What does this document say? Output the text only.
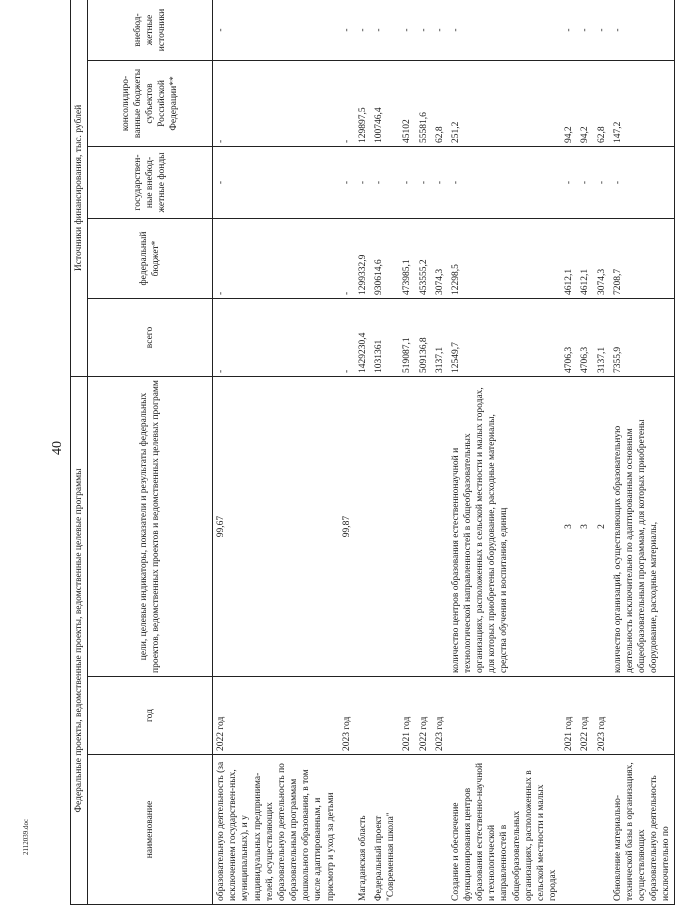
40
2112039.doc
Федеральные проекты, ведомственные проекты, ведомственные целевые программы			Источники финансирования, тыс. рублей				
наименование	год	цели, целевые индикаторы, показатели и результаты федеральных проектов, ведомственных проектов и ведомственных целевых программ	всего	федеральный бюджет*	государствен-ные внебюд-жетные фонды	консолидиро-ванные бюджеты субъектов Российской Федерации**	внебюд-жетные источники
образовательную деятельность (за исключением государствен-ных, муниципальных), и у индивидуальных предпринима-телей, осуществляющих образовательную деятельность по образовательным программам дошкольного образования, в том числе адаптированным, и присмотр и уход за детьми	2022 год	99,67	-	-	-	-	-
	2023 год	99,87	-	-	-	-	-
Магаданская область			1429230,4	1299332,9	-	129897,5	-
Федеральный проект "Современная школа"			1031361	930614,6	-	100746,4	-
	2021 год		519087,1	473985,1	-	45102	-
	2022 год		509136,8	453555,2	-	55581,6	-
	2023 год		3137,1	3074,3	-	62,8	-
Создание и обеспечение функционирования центров образования естественно-научной и технологической направленностей в общеобразовательных организациях, расположенных в сельской местности и малых городах		количество центров образования естественнонаучной и технологической направленностей в общеобразовательных организациях, расположенных в сельской местности и малых городах, для которых приобретены оборудование, расходные материалы, средства обучения и воспитания, единиц	12549,7	12298,5	-	251,2	-
	2021 год	3	4706,3	4612,1	-	94,2	-
	2022 год	3	4706,3	4612,1	-	94,2	-
	2023 год	2	3137,1	3074,3	-	62,8	-
Обновление материально-технической базы в организациях, осуществляющих образовательную деятельность исключительно по		количество организаций, осуществляющих образовательную деятельность исключительно по адаптированным основным общеобразовательным программам, для которых приобретены оборудование, расходные материалы,	7355,9	7208,7	-	147,2	-
